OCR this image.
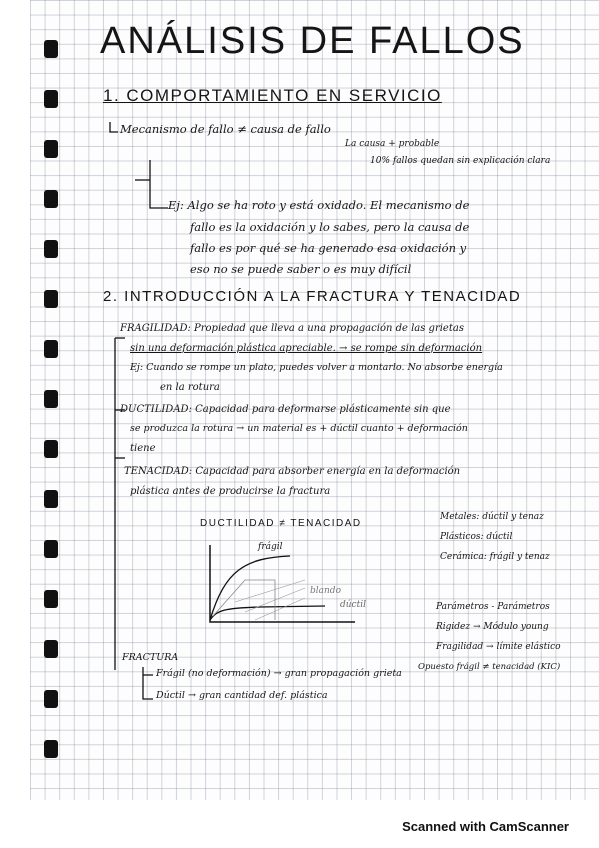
ANÁLISIS DE FALLOS
1. COMPORTAMIENTO EN SERVICIO
Mecanismo de fallo ≠ causa de fallo
La causa + probable
10% fallos quedan sin explicación clara
Ej: Algo se ha roto y está oxidado. El mecanismo de
fallo es la oxidación y lo sabes, pero la causa de
fallo es por qué se ha generado esa oxidación y
eso no se puede saber o es muy difícil
2. INTRODUCCIÓN A LA FRACTURA Y TENACIDAD
FRAGILIDAD: Propiedad que lleva a una propagación de las grietas
sin una deformación plástica apreciable. → se rompe sin deformación
Ej: Cuando se rompe un plato, puedes volver a montarlo. No absorbe energía
en la rotura
DUCTILIDAD: Capacidad para deformarse plásticamente sin que
se produzca la rotura → un material es + dúctil cuanto + deformación
tiene
TENACIDAD: Capacidad para absorber energía en la deformación
plástica antes de producirse la fractura
DUCTILIDAD ≠ TENACIDAD
frágil
blando
dúctil
Metales: dúctil y tenaz
Plásticos: dúctil
Cerámica: frágil y tenaz
Parámetros - Parámetros
Rigidez → Módulo young
Fragilidad → límite elástico
Opuesto frágil ≠ tenacidad (KIC)
FRACTURA
Frágil (no deformación) → gran propagación grieta
Dúctil → gran cantidad def. plástica
Scanned with CamScanner
